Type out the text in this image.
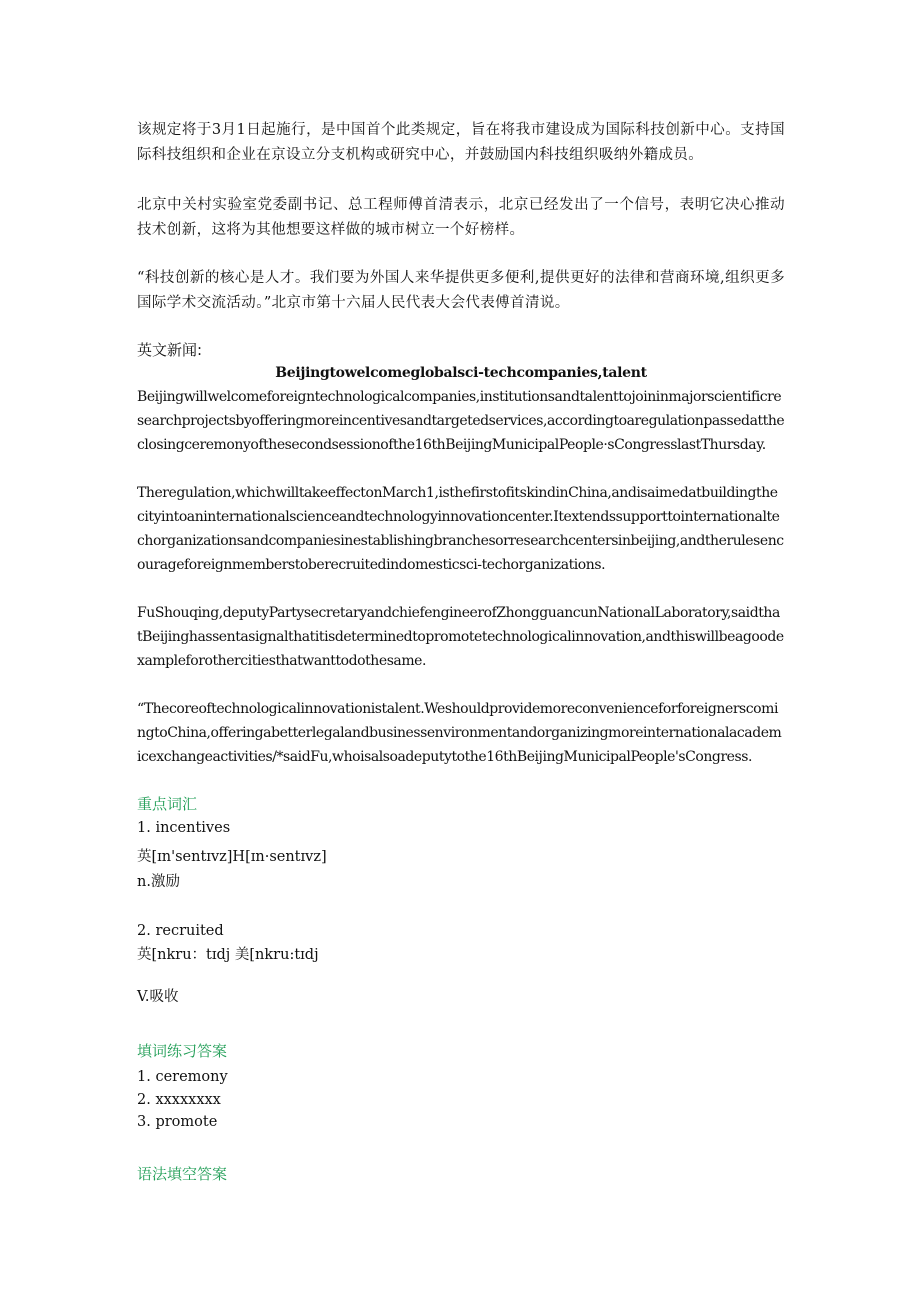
该规定将于3月1日起施行，是中国首个此类规定，旨在将我市建设成为国际科技创新中心。支持国际科技组织和企业在京设立分支机构或研究中心，并鼓励国内科技组织吸纳外籍成员。

北京中关村实验室党委副书记、总工程师傅首清表示，北京已经发出了一个信号，表明它决心推动技术创新，这将为其他想要这样做的城市树立一个好榜样。

“科技创新的核心是人才。我们要为外国人来华提供更多便利,提供更好的法律和营商环境,组织更多国际学术交流活动。”北京市第十六届人民代表大会代表傅首清说。

英文新闻:
Beijingtowelcomeglobalsci-techcompanies,talent

Beijingwillwelcomeforeigntechnologicalcompanies,institutionsandtalenttojoininmajorscientificresearchprojectsbyofferingmoreincentivesandtargetedservices,accordingtoaregulationpassedattheclosingceremonyofthesecondsessionofthe16thBeijingMunicipalPeople·sCongresslastThursday.

Theregulation,whichwilltakeeffectonMarch1,isthefirstofitskindinChina,andisaimedatbuildingthecityintoaninternationalscienceandtechnologyinnovationcenter.Itextendssupporttointernationaltechorganizationsandcompaniesinestablishingbranchesorresearchcentersinbeijing,andtherulesencourageforeignmemberstoberecruitedindomesticsci-techorganizations.

FuShouqing,deputyPartysecretaryandchiefengineerofZhongguancunNationalLaboratory,saidthatBeijinghassentasignalthatitisdeterminedtopromotetechnologicalinnovation,andthiswillbeagoodexampleforothercitiesthatwanttodothesame.

“Thecoreoftechnologicalinnovationistalent.WeshouldprovidemoreconvenienceforforeignerscomingtoChina,offeringabetterlegalandbusinessenvironmentandorganizingmoreinternationalacademicexchangeactivities/*saidFu,whoisalsoadeputytothe16thBeijingMunicipalPeople'sCongress.

重点词汇
1. incentives
英[ɪn'sentɪvz]H[ɪn·sentɪvz]
n.激励
2. recruited
英[nkru：tɪdj 美[nkru:tɪdj
V.吸收
填词练习答案
1. ceremony
2. xxxxxxxx
3. promote
语法填空答案
